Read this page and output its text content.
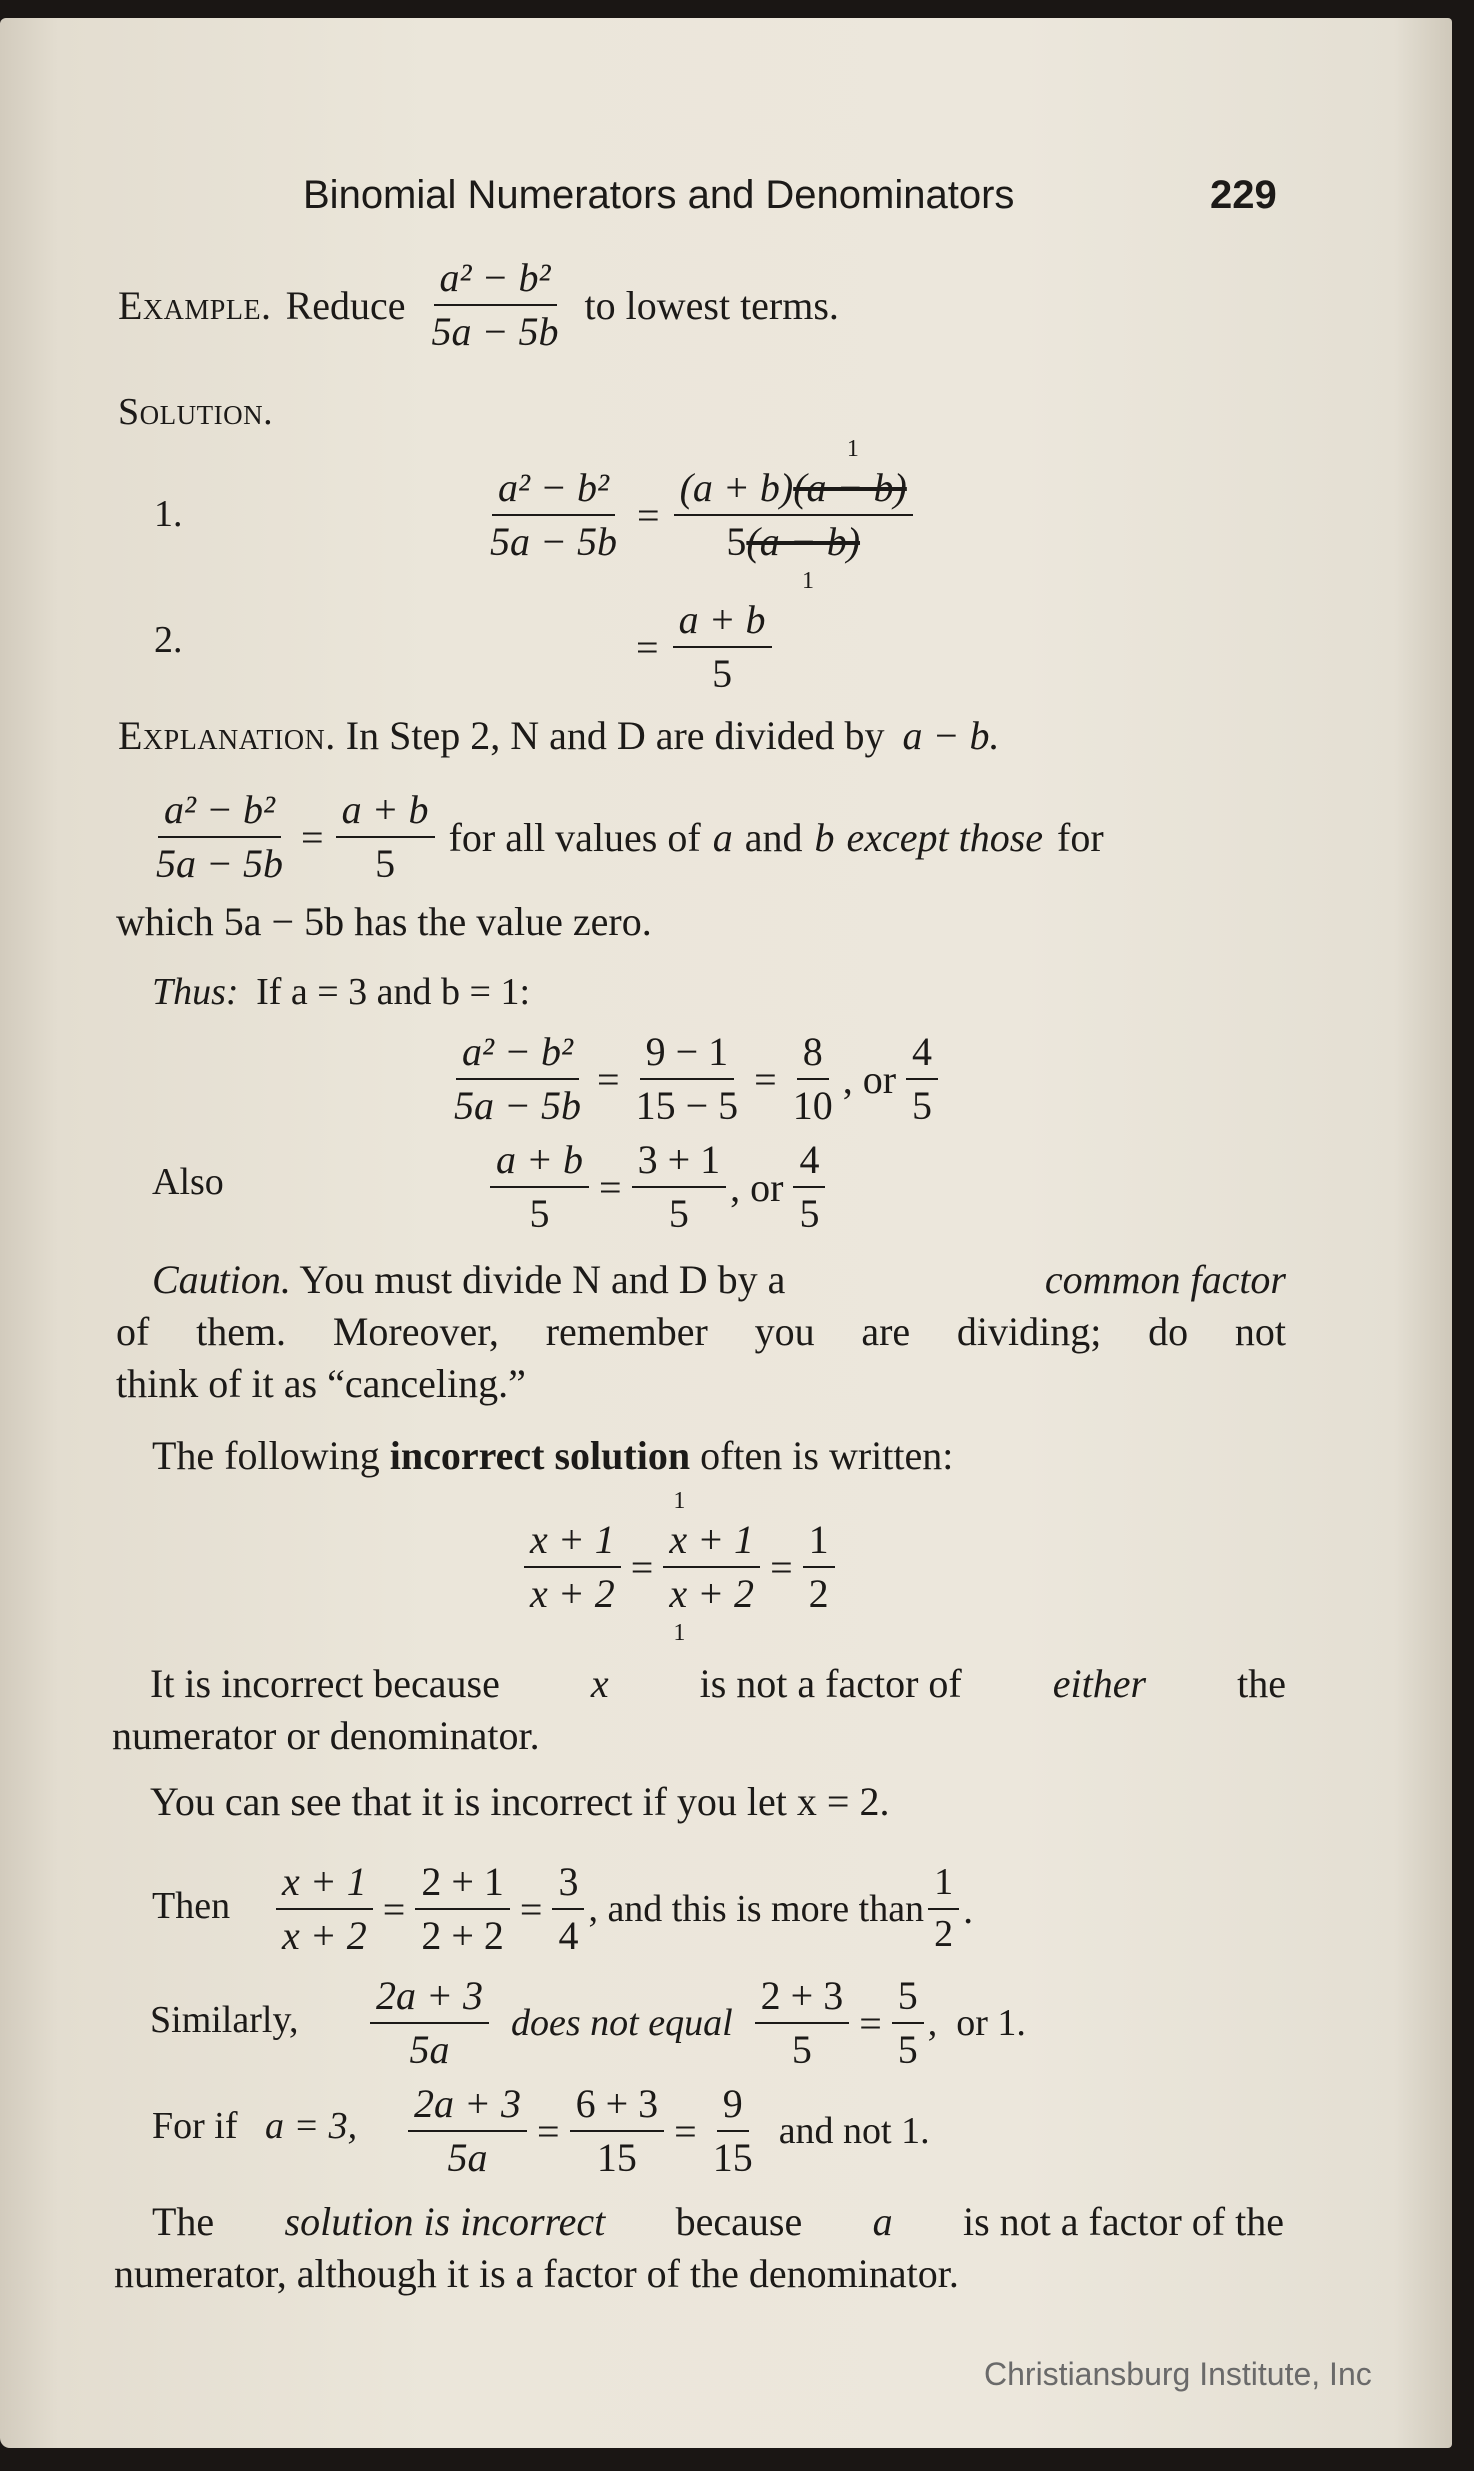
Binomial Numerators and Denominators	229
Example. Reduce $\frac{\text{a² − b²}}{5a - 5b}$ to lowest terms.
Solution.
1.	$\frac{\text{a² − b²}}{5a - 5b} = (a + b)(a - b)$
1
5(a − b)
1
2.	= $\frac{a + b}{5}$
Explanation. In Step 2, N and D are divided by a − b.
$\frac{\text{a² − b²}}{5a - 5b} = \frac{a + b}{5}$ for all values of a and b except those for
which 5a − 5b has the value zero.
Thus: If a = 3 and b = 1:
$\frac{\text{a² − b²}}{5a - 5b} = \frac{9 - 1}{15 - 5} = \frac{8}{10}$ , or $\frac{4}{5}$
Also	$\frac{a + b}{5} = \frac{3 + 1}{5}$ , or $\frac{4}{5}$
Caution. You must divide N and D by a	common factor
of them. Moreover, remember you are dividing; do not
think of it as “canceling.”
The following incorrect solution often is written:
$\frac{x + 1}{x + 2} = x + 1$
1
x + 2
$1 = \frac{1}{2}$
It is incorrect because x is not a factor of either the
numerator or denominator.
You can see that it is incorrect if you let x = 2.
Then $\frac{x + 1}{x + 2} = \frac{2 + 1}{2 + 2} = \frac{3}{4}$ , and this is more than $\frac{1}{2}$ .
Similarly, $\frac{2a + 3}{5a}$ does not equal $\frac{2 + 3}{5} = \frac{5}{5}$ ,  or 1.
For if a = 3, $\frac{2a + 3}{5a} = \frac{6 + 3}{15} = \frac{9}{15}$ and not 1.
The solution is incorrect because a is not a factor of the
numerator, although it is a factor of the denominator.
Christiansburg Institute, Inc
